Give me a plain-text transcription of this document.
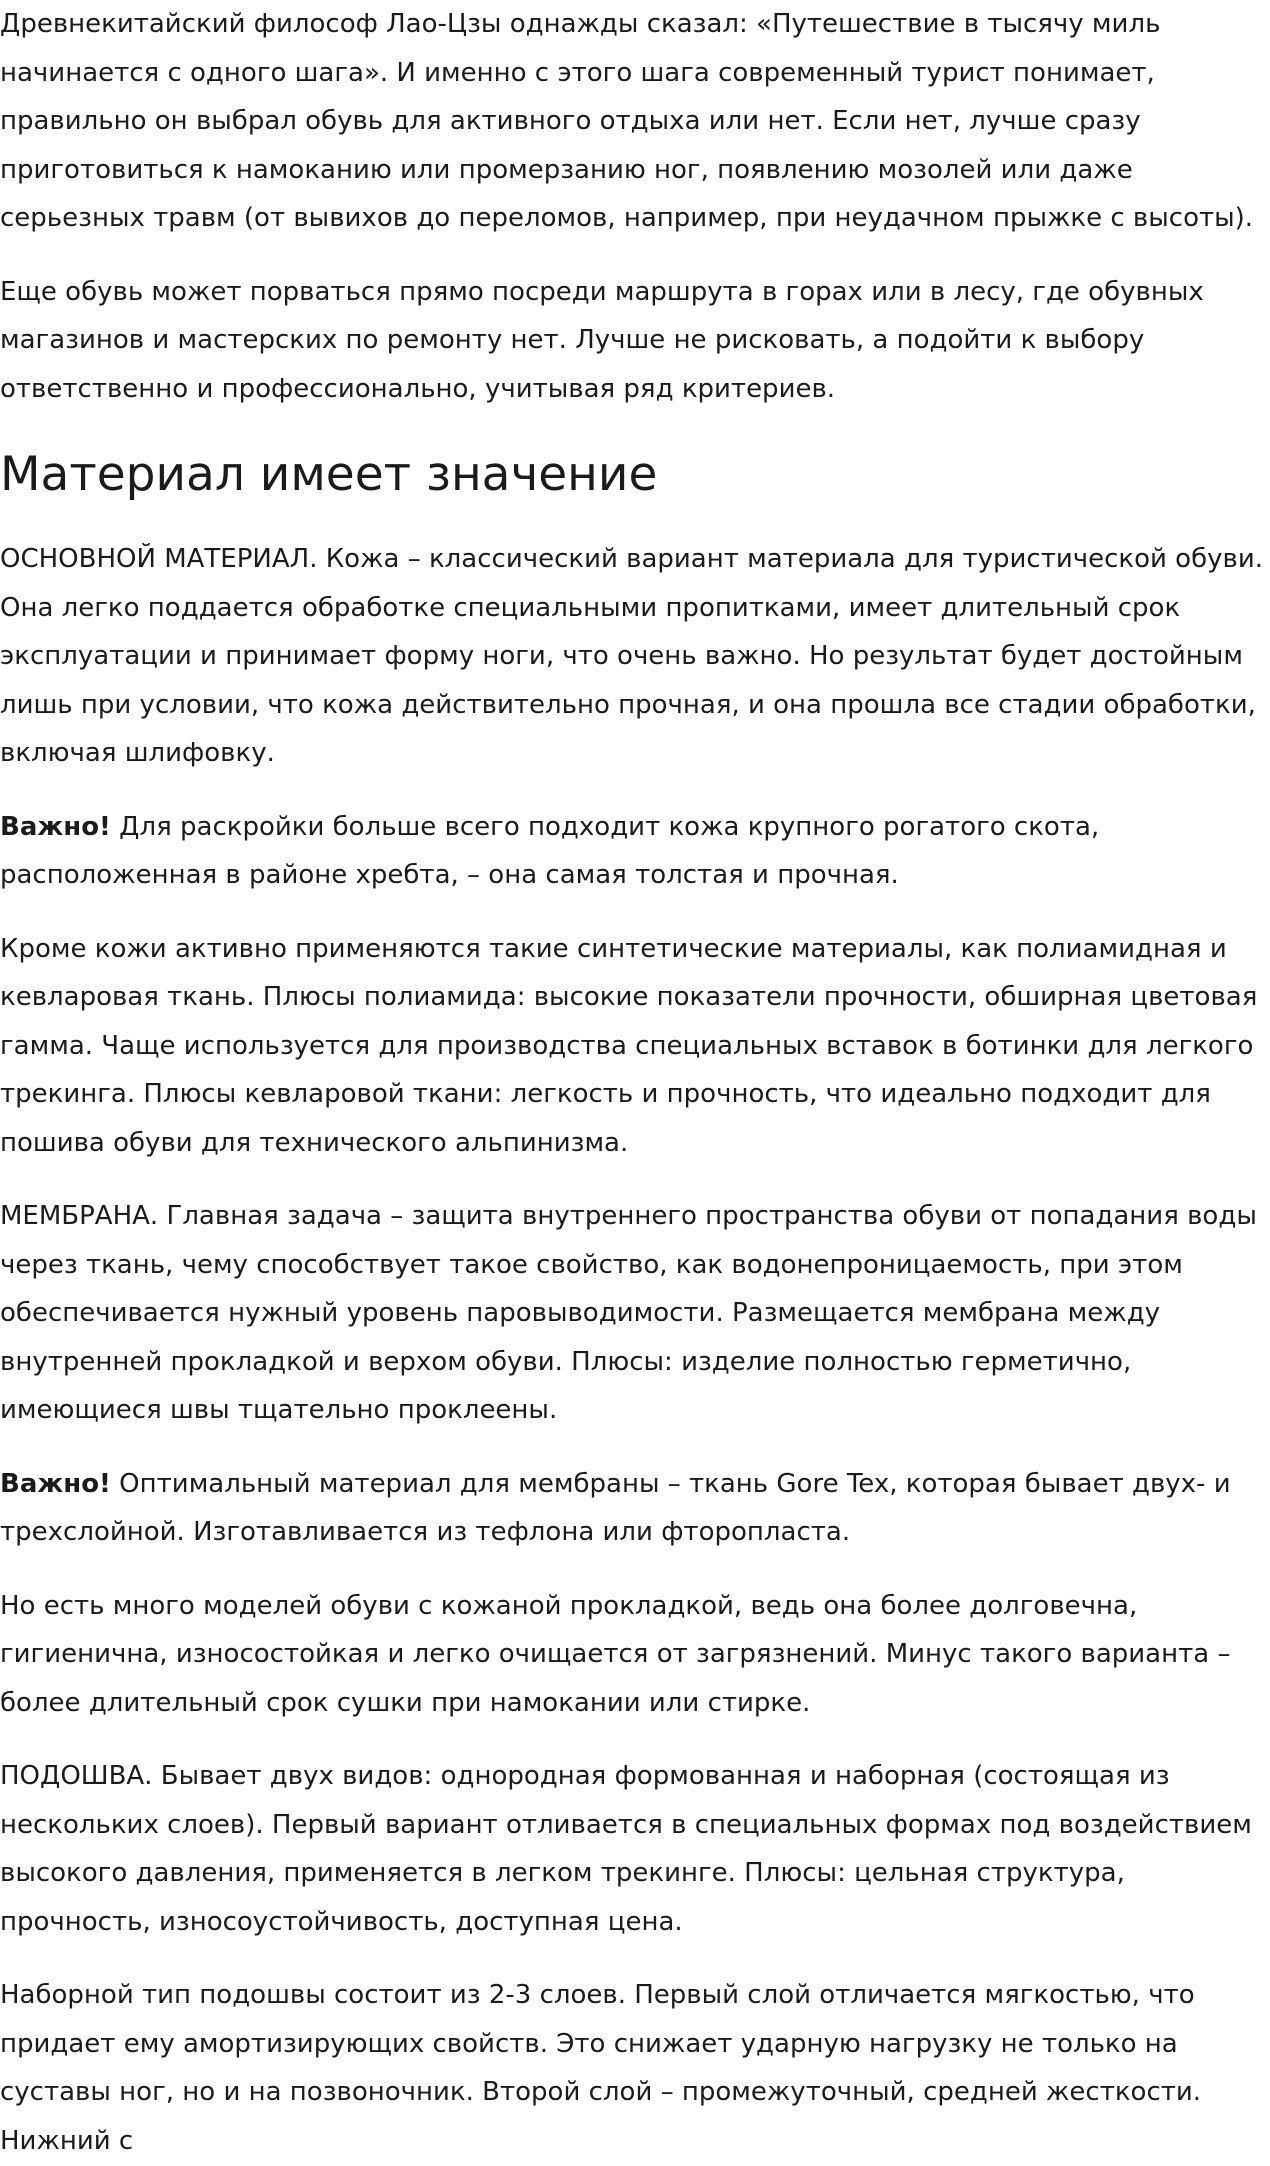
Древнекитайский философ Лао-Цзы однажды сказал: «Путешествие в тысячу миль
начинается с одного шага». И именно с этого шага современный турист понимает,
правильно он выбрал обувь для активного отдыха или нет. Если нет, лучше сразу
приготовиться к намоканию или промерзанию ног, появлению мозолей или даже
серьезных травм (от вывихов до переломов, например, при неудачном прыжке с высоты).

Еще обувь может порваться прямо посреди маршрута в горах или в лесу, где обувных
магазинов и мастерских по ремонту нет. Лучше не рисковать, а подойти к выбору
ответственно и профессионально, учитывая ряд критериев.

Материал имеет значение

ОСНОВНОЙ МАТЕРИАЛ. Кожа – классический вариант материала для туристической обуви.
Она легко поддается обработке специальными пропитками, имеет длительный срок
эксплуатации и принимает форму ноги, что очень важно. Но результат будет достойным
лишь при условии, что кожа действительно прочная, и она прошла все стадии обработки,
включая шлифовку.

Важно! Для раскройки больше всего подходит кожа крупного рогатого скота,
расположенная в районе хребта, – она самая толстая и прочная.

Кроме кожи активно применяются такие синтетические материалы, как полиамидная и
кевларовая ткань. Плюсы полиамида: высокие показатели прочности, обширная цветовая
гамма. Чаще используется для производства специальных вставок в ботинки для легкого
трекинга. Плюсы кевларовой ткани: легкость и прочность, что идеально подходит для
пошива обуви для технического альпинизма.

МЕМБРАНА. Главная задача – защита внутреннего пространства обуви от попадания воды
через ткань, чему способствует такое свойство, как водонепроницаемость, при этом
обеспечивается нужный уровень паровыводимости. Размещается мембрана между
внутренней прокладкой и верхом обуви. Плюсы: изделие полностью герметично,
имеющиеся швы тщательно проклеены.

Важно! Оптимальный материал для мембраны – ткань Gore Tex, которая бывает двух- и
трехслойной. Изготавливается из тефлона или фторопласта.

Но есть много моделей обуви с кожаной прокладкой, ведь она более долговечна,
гигиенична, износостойкая и легко очищается от загрязнений. Минус такого варианта –
более длительный срок сушки при намокании или стирке.

ПОДОШВА. Бывает двух видов: однородная формованная и наборная (состоящая из
нескольких слоев). Первый вариант отливается в специальных формах под воздействием
высокого давления, применяется в легком трекинге. Плюсы: цельная структура,
прочность, износоустойчивость, доступная цена.

Наборной тип подошвы состоит из 2-3 слоев. Первый слой отличается мягкостью, что
придает ему амортизирующих свойств. Это снижает ударную нагрузку не только на
суставы ног, но и на позвоночник. Второй слой – промежуточный, средней жесткости.
Нижний с
